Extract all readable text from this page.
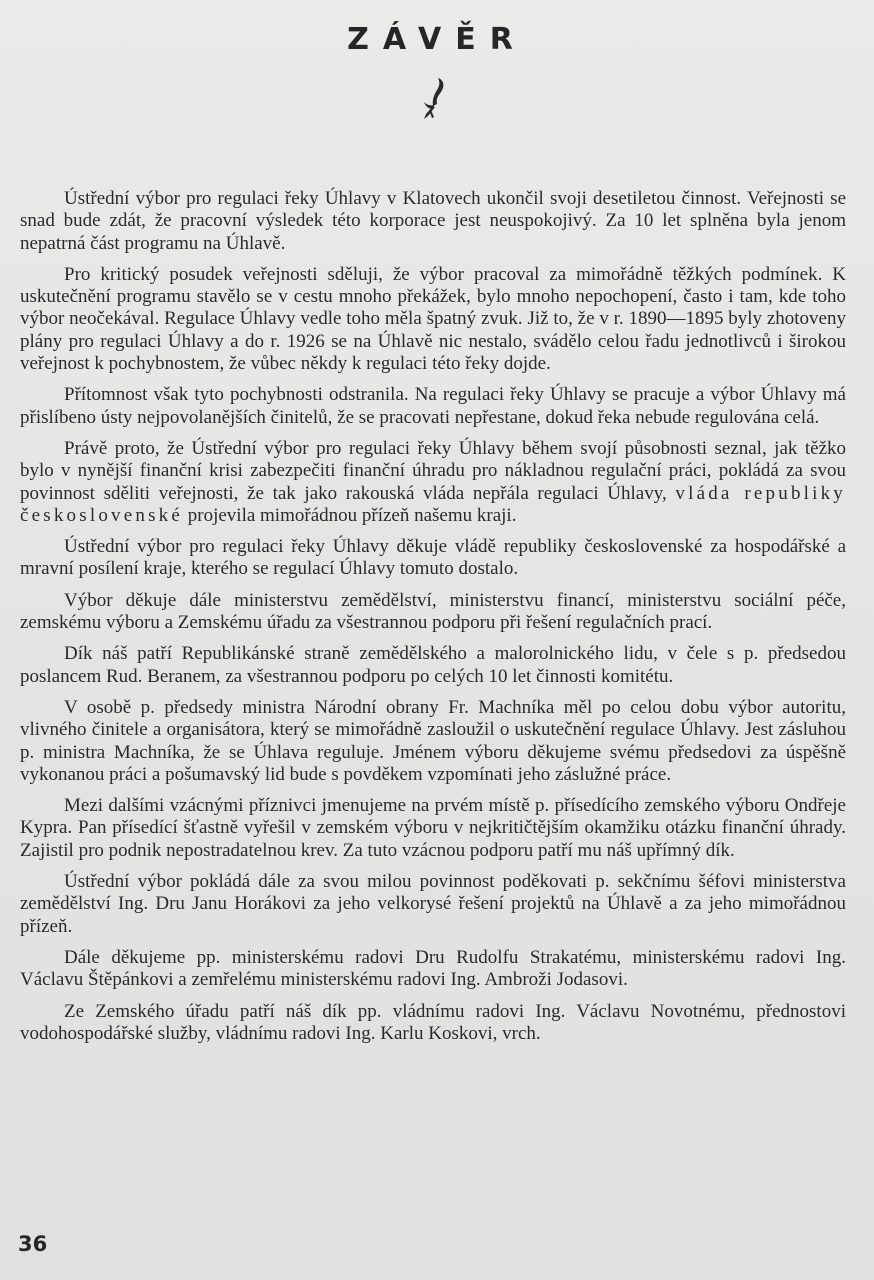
ZÁVĚR

Ústřední výbor pro regulaci řeky Úhlavy v Klatovech ukončil svoji desetiletou činnost. Veřejnosti se snad bude zdát, že pracovní výsledek této korporace jest neuspokojivý. Za 10 let splněna byla jenom nepatrná část programu na Úhlavě.

Pro kritický posudek veřejnosti sděluji, že výbor pracoval za mimořádně těžkých podmínek. K uskutečnění programu stavělo se v cestu mnoho překážek, bylo mnoho nepochopení, často i tam, kde toho výbor neočekával. Regulace Úhlavy vedle toho měla špatný zvuk. Již to, že v r. 1890—1895 byly zhotoveny plány pro regulaci Úhlavy a do r. 1926 se na Úhlavě nic nestalo, svádělo celou řadu jednotlivců i širokou veřejnost k pochybnostem, že vůbec někdy k regulaci této řeky dojde.

Přítomnost však tyto pochybnosti odstranila. Na regulaci řeky Úhlavy se pracuje a výbor Úhlavy má přislíbeno ústy nejpovolanějších činitelů, že se pracovati nepřestane, dokud řeka nebude regulována celá.

Právě proto, že Ústřední výbor pro regulaci řeky Úhlavy během svojí působnosti seznal, jak těžko bylo v nynější finanční krisi zabezpečiti finanční úhradu pro nákladnou regulační práci, pokládá za svou povinnost sděliti veřejnosti, že tak jako rakouská vláda nepřála regulaci Úhlavy, vláda republiky československé projevila mimořádnou přízeň našemu kraji.

Ústřední výbor pro regulaci řeky Úhlavy děkuje vládě republiky československé za hospodářské a mravní posílení kraje, kterého se regulací Úhlavy tomuto dostalo.

Výbor děkuje dále ministerstvu zemědělství, ministerstvu financí, ministerstvu sociální péče, zemskému výboru a Zemskému úřadu za všestrannou podporu při řešení regulačních prací.

Dík náš patří Republikánské straně zemědělského a malorolnického lidu, v čele s p. předsedou poslancem Rud. Beranem, za všestrannou podporu po celých 10 let činnosti komitétu.

V osobě p. předsedy ministra Národní obrany Fr. Machníka měl po celou dobu výbor autoritu, vlivného činitele a organisátora, který se mimořádně zasloužil o uskutečnění regulace Úhlavy. Jest zásluhou p. ministra Machníka, že se Úhlava reguluje. Jménem výboru děkujeme svému předsedovi za úspěšně vykonanou práci a pošumavský lid bude s povděkem vzpomínati jeho záslužné práce.

Mezi dalšími vzácnými příznivci jmenujeme na prvém místě p. přísedícího zemského výboru Ondřeje Kypra. Pan přísedící šťastně vyřešil v zemském výboru v nejkritičtějším okamžiku otázku finanční úhrady. Zajistil pro podnik nepostradatelnou krev. Za tuto vzácnou podporu patří mu náš upřímný dík.

Ústřední výbor pokládá dále za svou milou povinnost poděkovati p. sekčnímu šéfovi ministerstva zemědělství Ing. Dru Janu Horákovi za jeho velkorysé řešení projektů na Úhlavě a za jeho mimořádnou přízeň.

Dále děkujeme pp. ministerskému radovi Dru Rudolfu Strakatému, ministerskému radovi Ing. Václavu Štěpánkovi a zemřelému ministerskému radovi Ing. Ambroži Jodasovi.

Ze Zemského úřadu patří náš dík pp. vládnímu radovi Ing. Václavu Novotnému, přednostovi vodohospodářské služby, vládnímu radovi Ing. Karlu Koskovi, vrch.

36
